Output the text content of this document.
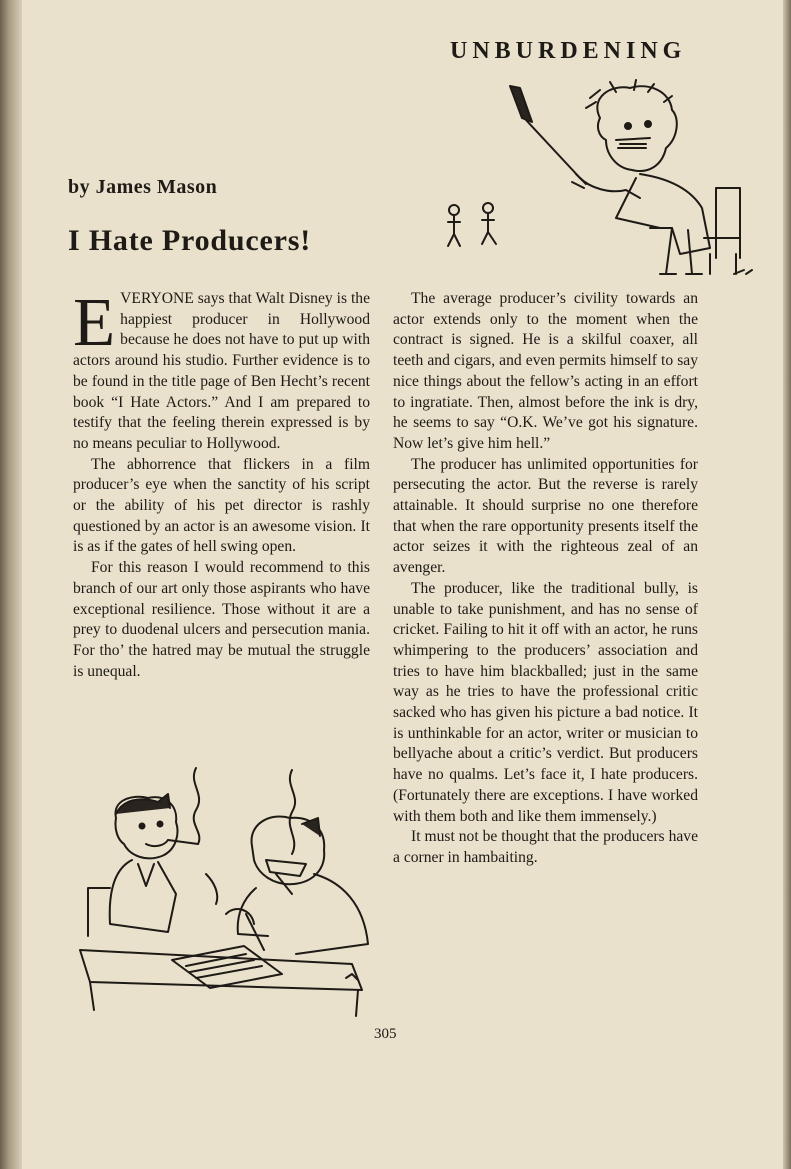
UNBURDENING
by James Mason
I Hate Producers!

EVERYONE says that Walt Disney is the happiest producer in Hollywood because he does not have to put up with actors around his studio. Further evidence is to be found in the title page of Ben Hecht’s recent book “I Hate Actors.” And I am prepared to testify that the feeling therein expressed is by no means peculiar to Hollywood.

The abhorrence that flickers in a film producer’s eye when the sanctity of his script or the ability of his pet director is rashly questioned by an actor is an awesome vision. It is as if the gates of hell swing open.

For this reason I would recommend to this branch of our art only those aspirants who have exceptional resilience. Those without it are a prey to duodenal ulcers and persecution mania. For tho’ the hatred may be mutual the struggle is unequal.

The average producer’s civility towards an actor extends only to the moment when the contract is signed. He is a skilful coaxer, all teeth and cigars, and even permits himself to say nice things about the fellow’s acting in an effort to ingratiate. Then, almost before the ink is dry, he seems to say “O.K. We’ve got his signature. Now let’s give him hell.”

The producer has unlimited opportunities for persecuting the actor. But the reverse is rarely attainable. It should surprise no one therefore that when the rare opportunity presents itself the actor seizes it with the righteous zeal of an avenger.

The producer, like the traditional bully, is unable to take punishment, and has no sense of cricket. Failing to hit it off with an actor, he runs whimpering to the producers’ association and tries to have him blackballed; just in the same way as he tries to have the professional critic sacked who has given his picture a bad notice. It is unthinkable for an actor, writer or musician to bellyache about a critic’s verdict. But producers have no qualms. Let’s face it, I hate producers. (Fortunately there are exceptions. I have worked with them both and like them immensely.)

It must not be thought that the producers have a corner in hambaiting.

305
